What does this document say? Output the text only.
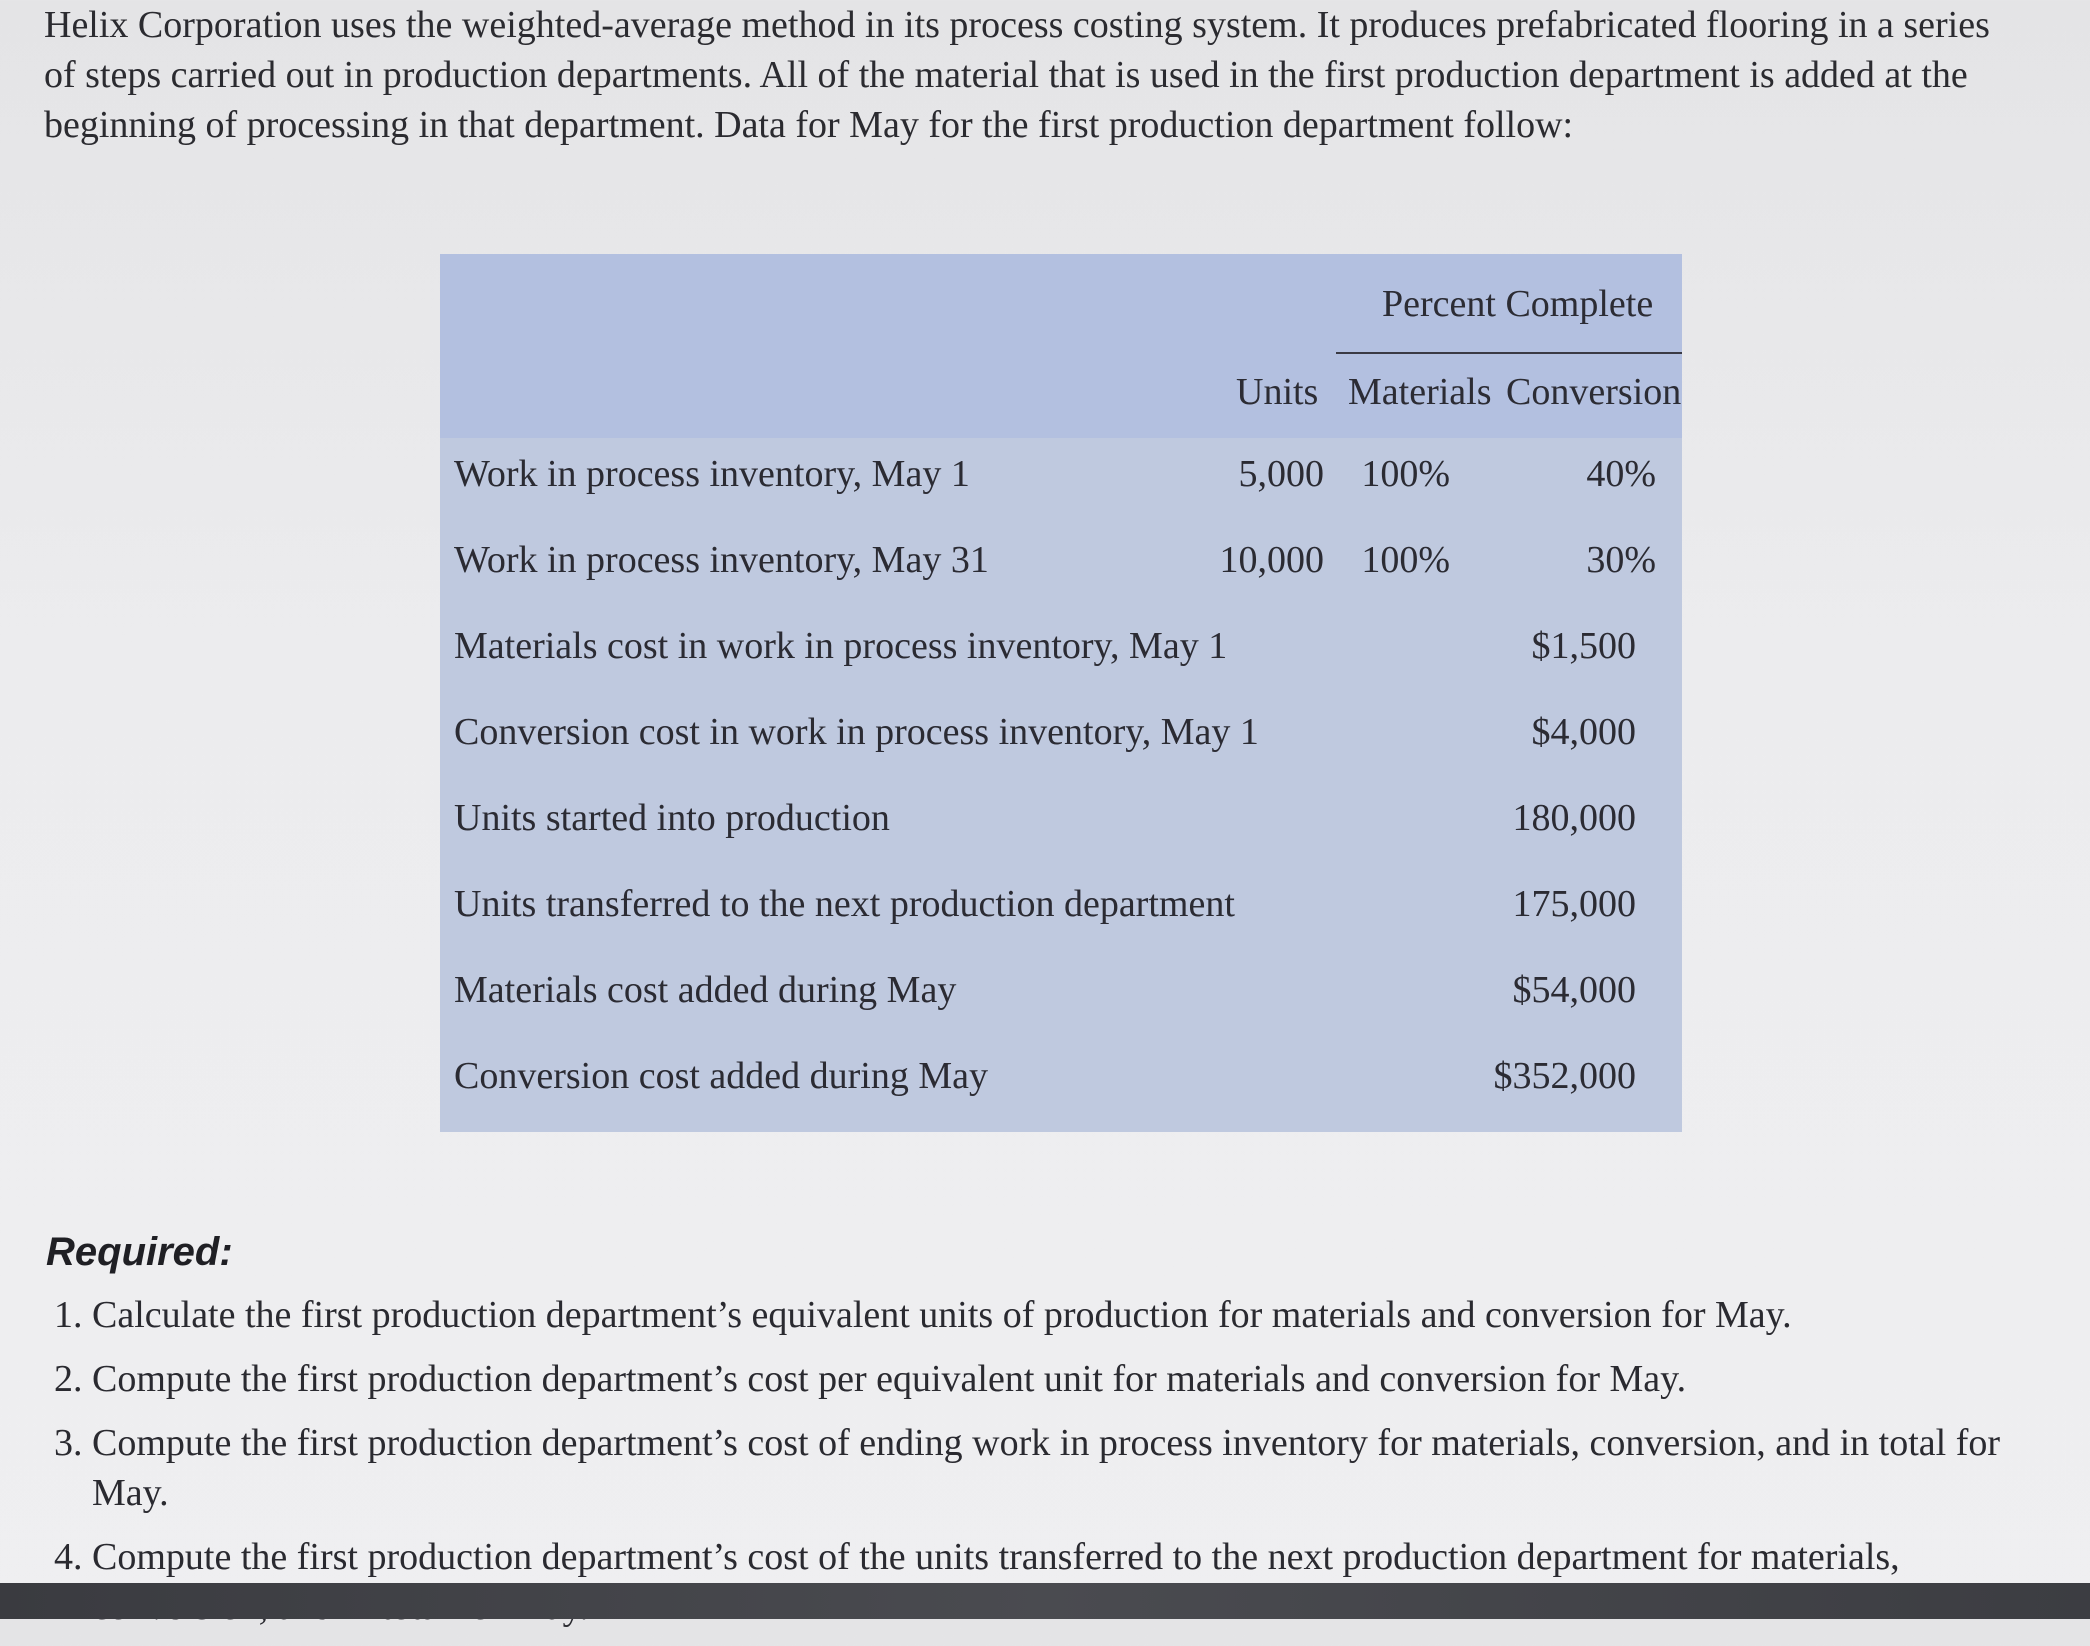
Helix Corporation uses the weighted-average method in its process costing system. It produces prefabricated flooring in a series of steps carried out in production departments. All of the material that is used in the first production department is added at the beginning of processing in that department. Data for May for the first production department follow:

Percent Complete
Units Materials Conversion
Work in process inventory, May 1	5,000 100%	40%
Work in process inventory, May 31	10,000 100%	30%
Materials cost in work in process inventory, May 1	$1,500
Conversion cost in work in process inventory, May 1	$4,000
Units started into production	180,000
Units transferred to the next production department	175,000
Materials cost added during May	$54,000
Conversion cost added during May	$352,000
Required:
1. Calculate the first production department’s equivalent units of production for materials and conversion for May.
2. Compute the first production department’s cost per equivalent unit for materials and conversion for May.
3. Compute the first production department’s cost of ending work in process inventory for materials, conversion, and in total for May.
4. Compute the first production department’s cost of the units transferred to the next production department for materials,
